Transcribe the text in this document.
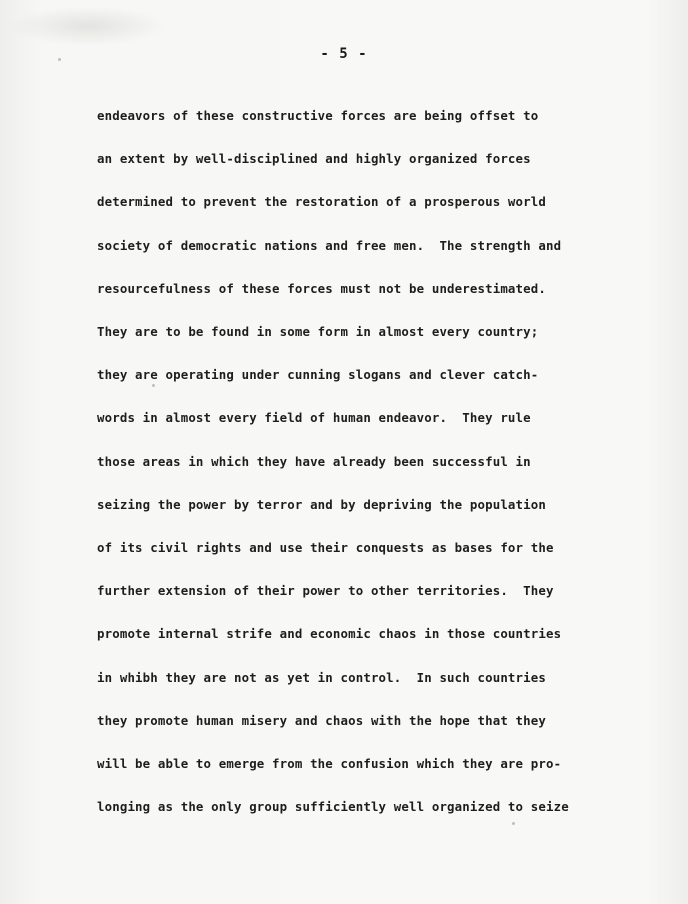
- 5 -
endeavors of these constructive forces are being offset to
an extent by well-disciplined and highly organized forces
determined to prevent the restoration of a prosperous world
society of democratic nations and free men.  The strength and
resourcefulness of these forces must not be underestimated.
They are to be found in some form in almost every country;
they are operating under cunning slogans and clever catch-
words in almost every field of human endeavor.  They rule
those areas in which they have already been successful in
seizing the power by terror and by depriving the population
of its civil rights and use their conquests as bases for the
further extension of their power to other territories.  They
promote internal strife and economic chaos in those countries
in whibh they are not as yet in control.  In such countries
they promote human misery and chaos with the hope that they
will be able to emerge from the confusion which they are pro-
longing as the only group sufficiently well organized to seize
